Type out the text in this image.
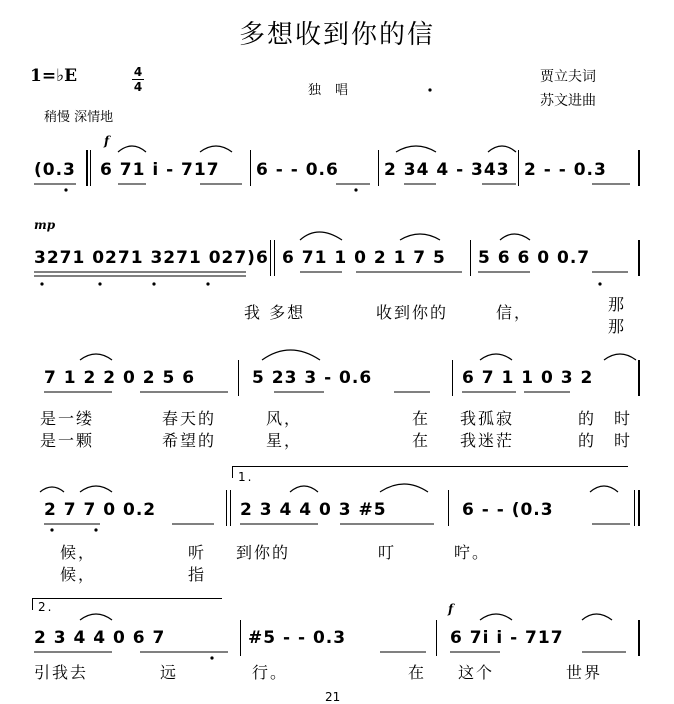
多想收到你的信
1=♭E	4
4
稍慢 深情地
独唱
贾立夫词
苏文进曲
f
(0.3 6 71 i - 717 6 - - 0.6	2 34 4 - 343 2 - - 0.3
mp
3271 0271 3271 027)6 6 71 1 0 2 1 7 5 5 6 6 0 0.7
我 多想	收到你的	信，	那
那
7 1 2 2 0 2 5 6	5 23 3 - 0.6	6 7 1 1 0 3 2
是一缕	春天的	风，	在 我孤寂	的 时
是一颗	希望的	星，	在 我迷茫	的 时
1.
2 7 7 0 0.2	2 3 4 4 0 3 #5	6 - - (0.3
候，	听 到你的	叮	咛。
候，	指
2.	f
2 3 4 4 0 6 7	#5 - - 0.3	6 7i i - 717
引我去	远	行。	在 这个	世界
21
